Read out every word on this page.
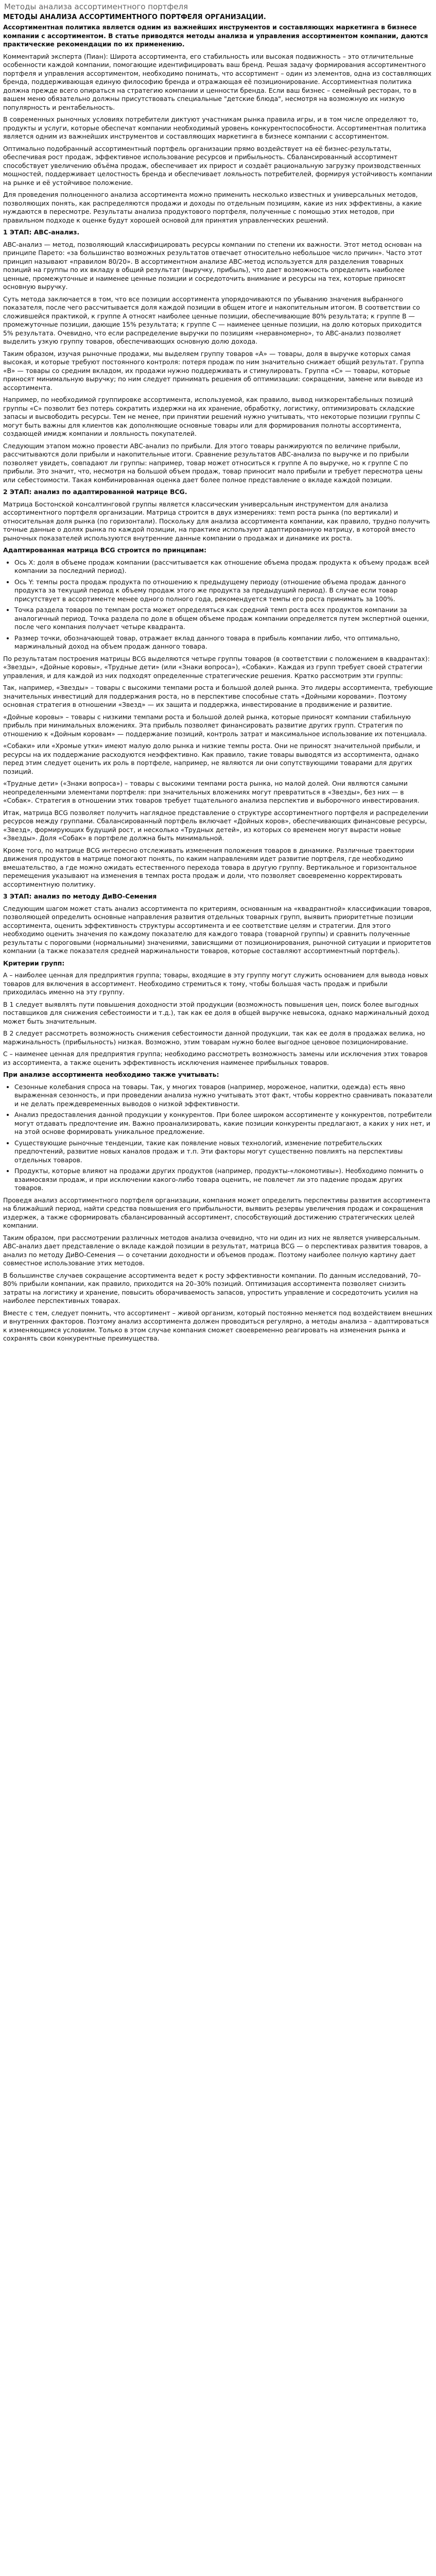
Методы анализа ассортиментного портфеля
МЕТОДЫ АНАЛИЗА АССОРТИМЕНТНОГО ПОРТФЕЛЯ ОРГАНИЗАЦИИ.

Ассортиментная политика является одним из важнейших инструментов и составляющих маркетинга в бизнесе компании с ассортиментом. В статье приводятся методы анализа и управления ассортиментом компании, даются практические рекомендации по их применению.

Комментарий эксперта (Пиан): Широта ассортимента, его стабильность или высокая подвижность – это отличительные особенности каждой компании, помогающие идентифицировать ваш бренд. Решая задачу формирования ассортиментного портфеля и управления ассортиментом, необходимо понимать, что ассортимент – один из элементов, одна из составляющих бренда, поддерживающая единую философию бренда и отражающая её позиционирование. Ассортиментная политика должна прежде всего опираться на стратегию компании и ценности бренда. Если ваш бизнес – семейный ресторан, то в вашем меню обязательно должны присутствовать специальные "детские блюда", несмотря на возможную их низкую популярность и рентабельность.

В современных рыночных условиях потребители диктуют участникам рынка правила игры, и в том числе определяют то, продукты и услуги, которые обеспечат компании необходимый уровень конкурентоспособности. Ассортиментная политика является одним из важнейших инструментов и составляющих маркетинга в бизнесе компании с ассортиментом.

Оптимально подобранный ассортиментный портфель организации прямо воздействует на её бизнес-результаты, обеспечивая рост продаж, эффективное использование ресурсов и прибыльность. Сбалансированный ассортимент способствует увеличению объёма продаж, обеспечивает их прирост и создаёт рациональную загрузку производственных мощностей, поддерживает целостность бренда и обеспечивает лояльность потребителей, формируя устойчивость компании на рынке и её устойчивое положение.

Для проведения полноценного анализа ассортимента можно применить несколько известных и универсальных методов, позволяющих понять, как распределяются продажи и доходы по отдельным позициям, какие из них эффективны, а какие нуждаются в пересмотре. Результаты анализа продуктового портфеля, полученные с помощью этих методов, при правильном подходе к оценке будут хорошей основой для принятия управленческих решений.

1 ЭТАП: ABC-анализ.

ABC-анализ — метод, позволяющий классифицировать ресурсы компании по степени их важности. Этот метод основан на принципе Парето: «за большинство возможных результатов отвечает относительно небольшое число причин». Часто этот принцип называют «правилом 80/20». В ассортиментном анализе ABC-метод используется для разделения товарных позиций на группы по их вкладу в общий результат (выручку, прибыль), что дает возможность определить наиболее ценные, промежуточные и наименее ценные позиции и сосредоточить внимание и ресурсы на тех, которые приносят основную выручку.

Суть метода заключается в том, что все позиции ассортимента упорядочиваются по убыванию значения выбранного показателя, после чего рассчитывается доля каждой позиции в общем итоге и накопительным итогом. В соответствии со сложившейся практикой, к группе A относят наиболее ценные позиции, обеспечивающие 80% результата; к группе B — промежуточные позиции, дающие 15% результата; к группе C — наименее ценные позиции, на долю которых приходится 5% результата. Очевидно, что если распределение выручки по позициям «неравномерно», то ABC-анализ позволяет выделить узкую группу товаров, обеспечивающих основную долю дохода.

Таким образом, изучая рыночные продажи, мы выделяем группу товаров «A» — товары, доля в выручке которых самая высокая, и которые требуют постоянного контроля: потеря продаж по ним значительно снижает общий результат. Группа «B» — товары со средним вкладом, их продажи нужно поддерживать и стимулировать. Группа «C» — товары, которые приносят минимальную выручку; по ним следует принимать решения об оптимизации: сокращении, замене или выводе из ассортимента.

Например, по необходимой группировке ассортимента, используемой, как правило, вывод низкорентабельных позиций группы «С» позволит без потерь сократить издержки на их хранение, обработку, логистику, оптимизировать складские запасы и высвободить ресурсы. Тем не менее, при принятии решений нужно учитывать, что некоторые позиции группы C могут быть важны для клиентов как дополняющие основные товары или для формирования полноты ассортимента, создающей имидж компании и лояльность покупателей.

Следующим этапом можно провести ABC-анализ по прибыли. Для этого товары ранжируются по величине прибыли, рассчитываются доли прибыли и накопительные итоги. Сравнение результатов ABC-анализа по выручке и по прибыли позволяет увидеть, совпадают ли группы: например, товар может относиться к группе A по выручке, но к группе C по прибыли. Это значит, что, несмотря на большой объем продаж, товар приносит мало прибыли и требует пересмотра цены или себестоимости. Такая комбинированная оценка дает более полное представление о вкладе каждой позиции.

2 ЭТАП: анализ по адаптированной матрице BCG.

Матрица Бостонской консалтинговой группы является классическим универсальным инструментом для анализа ассортиментного портфеля организации. Матрица строится в двух измерениях: темп роста рынка (по вертикали) и относительная доля рынка (по горизонтали). Поскольку для анализа ассортимента компании, как правило, трудно получить точные данные о долях рынка по каждой позиции, на практике используют адаптированную матрицу, в которой вместо рыночных показателей используются внутренние данные компании о продажах и динамике их роста.

Адаптированная матрица BCG строится по принципам:

• Ось X: доля в объеме продаж компании (рассчитывается как отношение объема продаж продукта к объему продаж всей компании за последний период).
• Ось Y: темпы роста продаж продукта по отношению к предыдущему периоду (отношение объема продаж данного продукта за текущий период к объему продаж этого же продукта за предыдущий период). В случае если товар присутствует в ассортименте менее одного полного года, рекомендуется темпы его роста принимать за 100%.
• Точка раздела товаров по темпам роста может определяться как средний темп роста всех продуктов компании за аналогичный период. Точка раздела по доле в общем объеме продаж компании определяется путем экспертной оценки, после чего компания получает четыре квадранта.
• Размер точки, обозначающей товар, отражает вклад данного товара в прибыль компании либо, что оптимально, маржинальный доход на объем продаж данного товара.

По результатам построения матрицы BCG выделяются четыре группы товаров (в соответствии с положением в квадрантах): «Звезды», «Дойные коровы», «Трудные дети» (или «Знаки вопроса»), «Собаки». Каждая из групп требует своей стратегии управления, и для каждой из них подходят определенные стратегические решения. Кратко рассмотрим эти группы:

Так, например, «Звезды» – товары с высокими темпами роста и большой долей рынка. Это лидеры ассортимента, требующие значительных инвестиций для поддержания роста, но в перспективе способные стать «Дойными коровами». Поэтому основная стратегия в отношении «Звезд» — их защита и поддержка, инвестирование в продвижение и развитие.

«Дойные коровы» – товары с низкими темпами роста и большой долей рынка, которые приносят компании стабильную прибыль при минимальных вложениях. Эта прибыль позволяет финансировать развитие других групп. Стратегия по отношению к «Дойным коровам» — поддержание позиций, контроль затрат и максимальное использование их потенциала.

«Собаки» или «Хромые утки» имеют малую долю рынка и низкие темпы роста. Они не приносят значительной прибыли, и ресурсы на их поддержание расходуются неэффективно. Как правило, такие товары выводятся из ассортимента, однако перед этим следует оценить их роль в портфеле, например, не являются ли они сопутствующими товарами для других позиций.

«Трудные дети» («Знаки вопроса») – товары с высокими темпами роста рынка, но малой долей. Они являются самыми неопределенными элементами портфеля: при значительных вложениях могут превратиться в «Звезды», без них — в «Собак». Стратегия в отношении этих товаров требует тщательного анализа перспектив и выборочного инвестирования.

Итак, матрица BCG позволяет получить наглядное представление о структуре ассортиментного портфеля и распределении ресурсов между группами. Сбалансированный портфель включает «Дойных коров», обеспечивающих финансовые ресурсы, «Звезд», формирующих будущий рост, и несколько «Трудных детей», из которых со временем могут вырасти новые «Звезды». Доля «Собак» в портфеле должна быть минимальной.

Кроме того, по матрице BCG интересно отслеживать изменения положения товаров в динамике. Различные траектории движения продуктов в матрице помогают понять, по каким направлениям идет развитие портфеля, где необходимо вмешательство, а где можно ожидать естественного перехода товара в другую группу. Вертикальное и горизонтальное перемещения указывают на изменения в темпах роста продаж и доли, что позволяет своевременно корректировать ассортиментную политику.

3 ЭТАП: анализ по методу ДиВО-Семения

Следующим шагом может стать анализ ассортимента по критериям, основанным на «квадрантной» классификации товаров, позволяющей определить основные направления развития отдельных товарных групп, выявить приоритетные позиции ассортимента, оценить эффективность структуры ассортимента и ее соответствие целям и стратегии. Для этого необходимо оценить значения по каждому показателю для каждого товара (товарной группы) и сравнить полученные результаты с пороговыми (нормальными) значениями, зависящими от позиционирования, рыночной ситуации и приоритетов компании (а также показателя средней маржинальности товаров, которые составляют ассортиментный портфель).

Критерии групп:

A – наиболее ценная для предприятия группа; товары, входящие в эту группу могут служить основанием для вывода новых товаров для включения в ассортимент. Необходимо стремиться к тому, чтобы большая часть продаж и прибыли приходилась именно на эту группу.

В 1 следует выявлять пути повышения доходности этой продукции (возможность повышения цен, поиск более выгодных поставщиков для снижения себестоимости и т.д.), так как ее доля в общей выручке невысока, однако маржинальный доход может быть значительным.

В 2 следует рассмотреть возможность снижения себестоимости данной продукции, так как ее доля в продажах велика, но маржинальность (прибыльность) низкая. Возможно, этим товарам нужно более выгодное ценовое позиционирование.

C – наименее ценная для предприятия группа; необходимо рассмотреть возможность замены или исключения этих товаров из ассортимента, а также оценить эффективность исключения наименее прибыльных товаров.

При анализе ассортимента необходимо также учитывать:

• Сезонные колебания спроса на товары. Так, у многих товаров (например, мороженое, напитки, одежда) есть явно выраженная сезонность, и при проведении анализа нужно учитывать этот факт, чтобы корректно сравнивать показатели и не делать преждевременных выводов о низкой эффективности.
• Анализ предоставления данной продукции у конкурентов. При более широком ассортименте у конкурентов, потребители могут отдавать предпочтение им. Важно проанализировать, какие позиции конкуренты предлагают, а каких у них нет, и на этой основе формировать уникальное предложение.
• Существующие рыночные тенденции, такие как появление новых технологий, изменение потребительских предпочтений, развитие новых каналов продаж и т.п. Эти факторы могут существенно повлиять на перспективы отдельных товаров.
• Продукты, которые влияют на продажи других продуктов (например, продукты-«локомотивы»). Необходимо помнить о взаимосвязи продаж, и при исключении какого-либо товара оценить, не повлечет ли это падение продаж других товаров.

Проведя анализ ассортиментного портфеля организации, компания может определить перспективы развития ассортимента на ближайший период, найти средства повышения его прибыльности, выявить резервы увеличения продаж и сокращения издержек, а также сформировать сбалансированный ассортимент, способствующий достижению стратегических целей компании.

Таким образом, при рассмотрении различных методов анализа очевидно, что ни один из них не является универсальным. ABC-анализ дает представление о вкладе каждой позиции в результат, матрица BCG — о перспективах развития товаров, а анализ по методу ДиВО-Семения — о сочетании доходности и объемов продаж. Поэтому наиболее полную картину дает совместное использование этих методов.

В большинстве случаев сокращение ассортимента ведет к росту эффективности компании. По данным исследований, 70–80% прибыли компании, как правило, приходится на 20–30% позиций. Оптимизация ассортимента позволяет снизить затраты на логистику и хранение, повысить оборачиваемость запасов, упростить управление и сосредоточить усилия на наиболее перспективных товарах.

Вместе с тем, следует помнить, что ассортимент – живой организм, который постоянно меняется под воздействием внешних и внутренних факторов. Поэтому анализ ассортимента должен проводиться регулярно, а методы анализа – адаптироваться к изменяющимся условиям. Только в этом случае компания сможет своевременно реагировать на изменения рынка и сохранять свои конкурентные преимущества.
